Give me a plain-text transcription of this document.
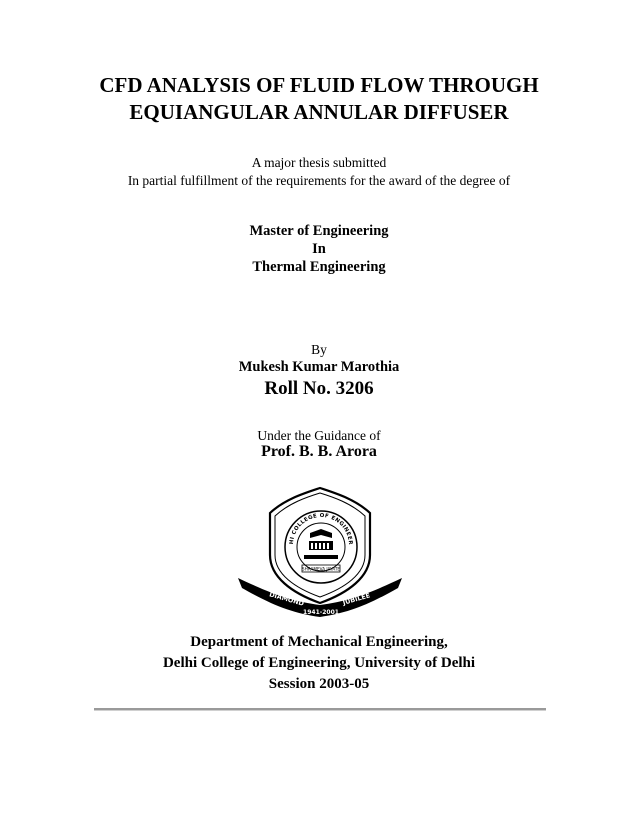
CFD ANALYSIS OF FLUID FLOW THROUGH
EQUIANGULAR ANNULAR DIFFUSER
A major thesis submitted
In partial fulfillment of the requirements for the award of the degree of
Master of Engineering
In
Thermal Engineering
By
Mukesh Kumar Marothia
Roll No. 3206
Under the Guidance of
Prof. B. B. Arora
HI COLLEGE OF ENGINEER
SHRAMEVA JAYATE
DIAMOND	JUBILEE
1941-2001
Department of Mechanical Engineering,
Delhi College of Engineering, University of Delhi
Session 2003-05
